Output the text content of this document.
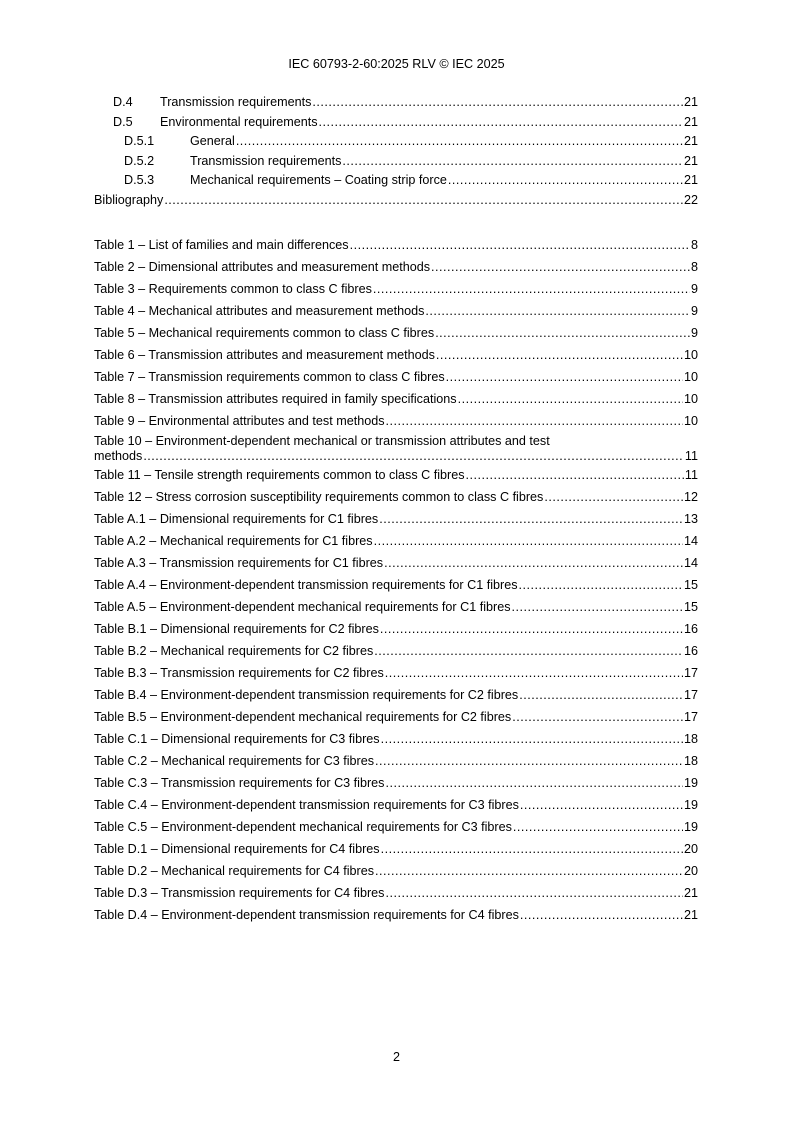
IEC 60793-2-60:2025 RLV © IEC 2025
D.4	Transmission requirements .....	21
D.5	Environmental requirements .....	21
D.5.1	General .....	21
D.5.2	Transmission requirements .....	21
D.5.3	Mechanical requirements – Coating strip force .....	21
Bibliography .....	22
Table 1 – List of families and main differences .....	8
Table 2 – Dimensional attributes and measurement methods .....	8
Table 3 – Requirements common to class C fibres .....	9
Table 4 – Mechanical attributes and measurement methods .....	9
Table 5 – Mechanical requirements common to class C fibres .....	9
Table 6 – Transmission attributes and measurement methods .....	10
Table 7 – Transmission requirements common to class C fibres .....	10
Table 8 – Transmission attributes required in family specifications .....	10
Table 9 – Environmental attributes and test methods .....	10
Table 10 – Environment-dependent mechanical or transmission attributes and test
methods .....	11
Table 11 – Tensile strength requirements common to class C fibres .....	11
Table 12 – Stress corrosion susceptibility requirements common to class C fibres .....	12
Table A.1 – Dimensional requirements for C1 fibres .....	13
Table A.2 – Mechanical requirements for C1 fibres .....	14
Table A.3 – Transmission requirements for C1 fibres .....	14
Table A.4 – Environment-dependent transmission requirements for C1 fibres .....	15
Table A.5 – Environment-dependent mechanical requirements for C1 fibres .....	15
Table B.1 – Dimensional requirements for C2 fibres .....	16
Table B.2 – Mechanical requirements for C2 fibres .....	16
Table B.3 – Transmission requirements for C2 fibres .....	17
Table B.4 – Environment-dependent transmission requirements for C2 fibres .....	17
Table B.5 – Environment-dependent mechanical requirements for C2 fibres .....	17
Table C.1 – Dimensional requirements for C3 fibres .....	18
Table C.2 – Mechanical requirements for C3 fibres .....	18
Table C.3 – Transmission requirements for C3 fibres .....	19
Table C.4 – Environment-dependent transmission requirements for C3 fibres .....	19
Table C.5 – Environment-dependent mechanical requirements for C3 fibres .....	19
Table D.1 – Dimensional requirements for C4 fibres .....	20
Table D.2 – Mechanical requirements for C4 fibres .....	20
Table D.3 – Transmission requirements for C4 fibres .....	21
Table D.4 – Environment-dependent transmission requirements for C4 fibres .....	21
2
